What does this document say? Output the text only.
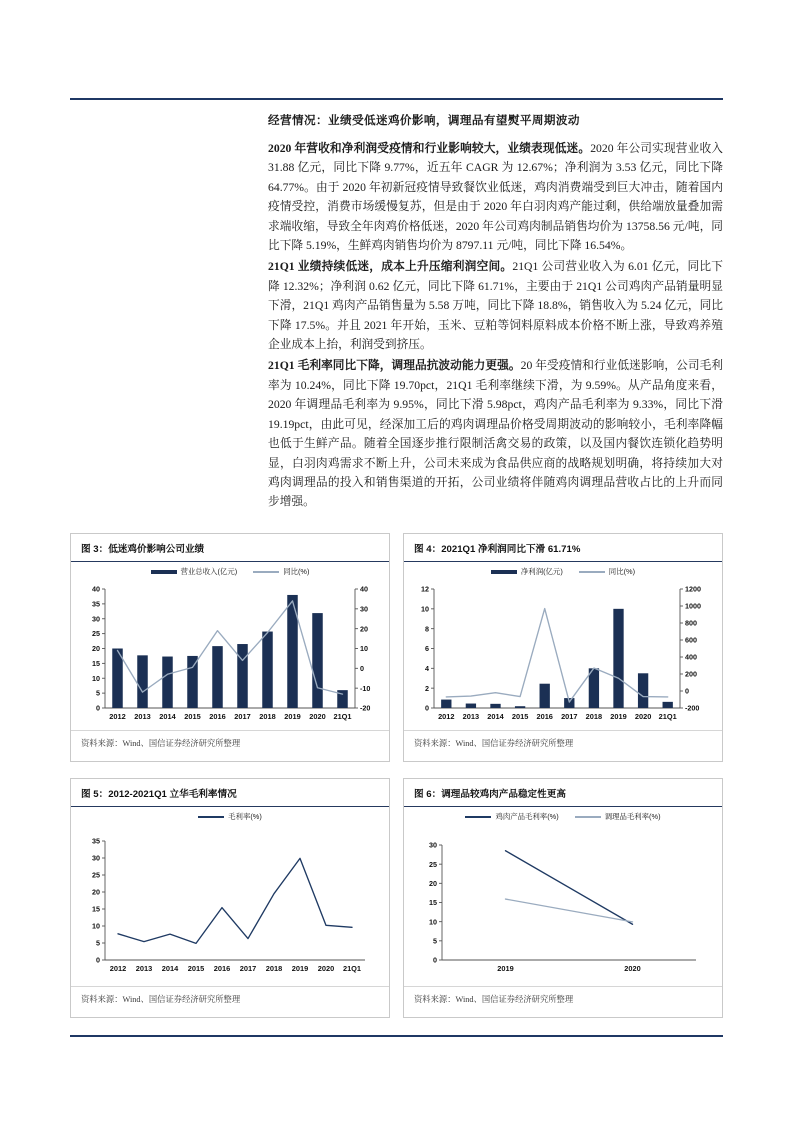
经营情况：业绩受低迷鸡价影响，调理品有望熨平周期波动

2020 年营收和净利润受疫情和行业影响较大，业绩表现低迷。2020 年公司实现营业收入 31.88 亿元，同比下降 9.77%，近五年 CAGR 为 12.67%；净利润为 3.53 亿元，同比下降 64.77%。由于 2020 年初新冠疫情导致餐饮业低迷，鸡肉消费端受到巨大冲击，随着国内疫情受控，消费市场缓慢复苏，但是由于 2020 年白羽肉鸡产能过剩，供给端放量叠加需求端收缩，导致全年肉鸡价格低迷，2020 年公司鸡肉制品销售均价为 13758.56 元/吨，同比下降 5.19%，生鲜鸡肉销售均价为 8797.11 元/吨，同比下降 16.54%。

21Q1 业绩持续低迷，成本上升压缩利润空间。21Q1 公司营业收入为 6.01 亿元，同比下降 12.32%；净利润 0.62 亿元，同比下降 61.71%，主要由于 21Q1 公司鸡肉产品销量明显下滑，21Q1 鸡肉产品销售量为 5.58 万吨，同比下降 18.8%，销售收入为 5.24 亿元，同比下降 17.5%。并且 2021 年开始，玉米、豆粕等饲料原料成本价格不断上涨，导致鸡养殖企业成本上抬，利润受到挤压。

21Q1 毛利率同比下降，调理品抗波动能力更强。20 年受疫情和行业低迷影响，公司毛利率为 10.24%，同比下降 19.70pct，21Q1 毛利率继续下滑，为 9.59%。从产品角度来看，2020 年调理品毛利率为 9.95%，同比下滑 5.98pct，鸡肉产品毛利率为 9.33%，同比下滑 19.19pct，由此可见，经深加工后的鸡肉调理品价格受周期波动的影响较小，毛利率降幅也低于生鲜产品。随着全国逐步推行限制活禽交易的政策，以及国内餐饮连锁化趋势明显，白羽肉鸡需求不断上升，公司未来成为食品供应商的战略规划明确，将持续加大对鸡肉调理品的投入和销售渠道的开拓，公司业绩将伴随鸡肉调理品营收占比的上升而同步增强。

图 3：低迷鸡价影响公司业绩
营业总收入(亿元)	同比(%)
0
5
10
15
20
25
30
35
40
-20
-10
0
10
20
30
40
2012 2013 2014 2015 2016 2017 2018 2019 2020 21Q1
资料来源：Wind、国信证券经济研究所整理
图 4：2021Q1 净利润同比下滑 61.71%
净利润(亿元)	同比(%)
0
2
4
6
8
10
12
-200
0
200
400
600
800
1000
1200
2012 2013 2014 2015 2016 2017 2018 2019 2020 21Q1
资料来源：Wind、国信证券经济研究所整理
图 5：2012-2021Q1 立华毛利率情况
毛利率(%)
0
5
10
15
20
25
30
35
2012 2013 2014 2015 2016 2017 2018 2019 2020 21Q1
资料来源：Wind、国信证券经济研究所整理
图 6：调理品较鸡肉产品稳定性更高
鸡肉产品毛利率(%)	调理品毛利率(%)
0
5
10
15
20
25
30
2019	2020
资料来源：Wind、国信证券经济研究所整理
